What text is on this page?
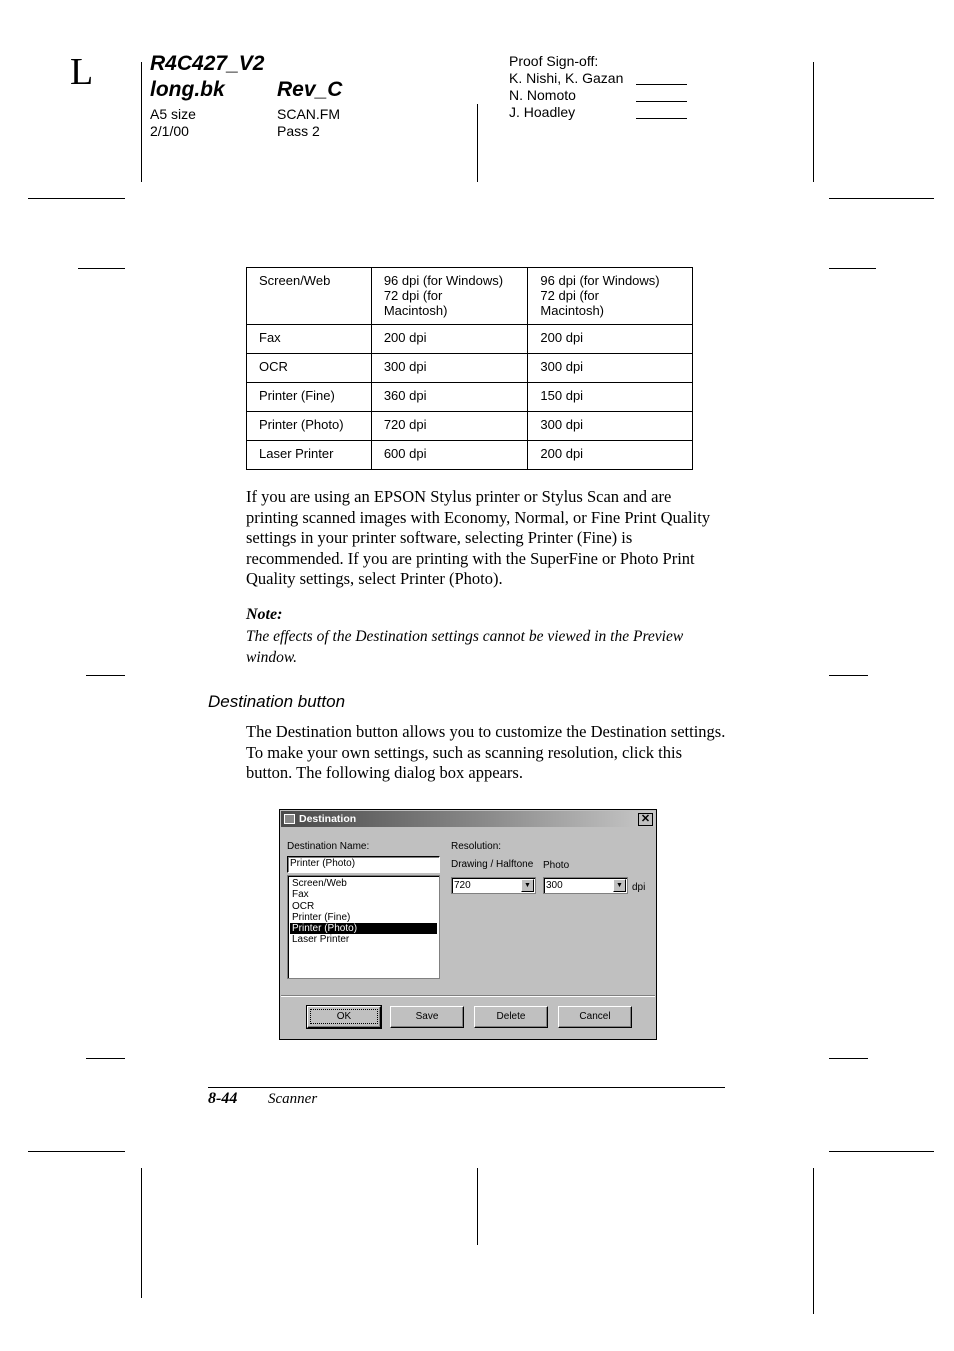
L	R4C427_V2
long.bk Rev_C
A5 size
2/1/00
SCAN.FM
Pass 2
Proof Sign-off:
K. Nishi, K. Gazan
N. Nomoto
J. Hoadley
Screen/Web	96 dpi (for Windows)
72 dpi (for
Macintosh)	96 dpi (for Windows)
72 dpi (for
Macintosh)
Fax	200 dpi	200 dpi
OCR	300 dpi	300 dpi
Printer (Fine)	360 dpi	150 dpi
Printer (Photo)	720 dpi	300 dpi
Laser Printer	600 dpi	200 dpi
If you are using an EPSON Stylus printer or Stylus Scan and are printing scanned images with Economy, Normal, or Fine Print Quality settings in your printer software, selecting Printer (Fine) is recommended. If you are printing with the SuperFine or Photo Print Quality settings, select Printer (Photo).
Note:
The effects of the Destination settings cannot be viewed in the Preview window.
Destination button
The Destination button allows you to customize the Destination settings. To make your own settings, such as scanning resolution, click this button. The following dialog box appears.
Destination	✕
Destination Name:
Printer (Photo)
Screen/Web
Fax
OCR
Printer (Fine)
Printer (Photo)
Laser Printer
Resolution:
Drawing / Halftone Photo
720	▼	300	▼ dpi
OK	Save	Delete	Cancel
8-44 Scanner
